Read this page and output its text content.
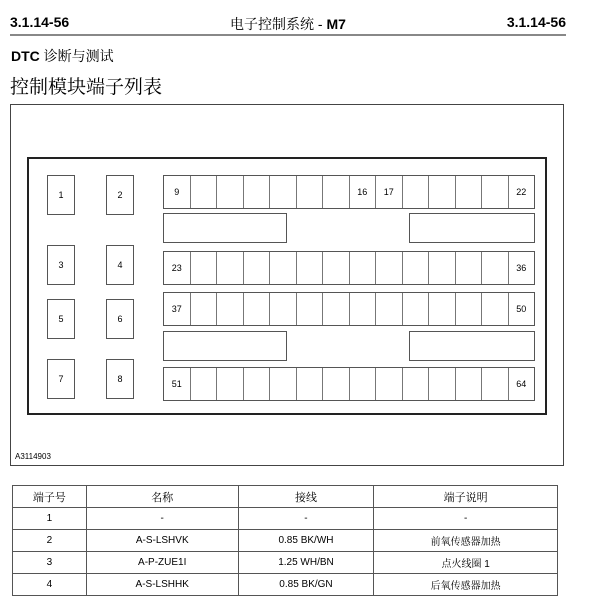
3.1.14-56	电子控制系统 - M7	3.1.14-56
DTC 诊断与测试
控制模块端子列表
1
3
5
7
2
4
6
8
9	16	17	22
23	36
37	50
51	64
A3114903
端子号	名称	接线	端子说明
1	-	-	-
2	A-S-LSHVK	0.85 BK/WH	前氧传感器加热
3	A-P-ZUE1I	1.25 WH/BN	点火线圈 1
4	A-S-LSHHK	0.85 BK/GN	后氧传感器加热
